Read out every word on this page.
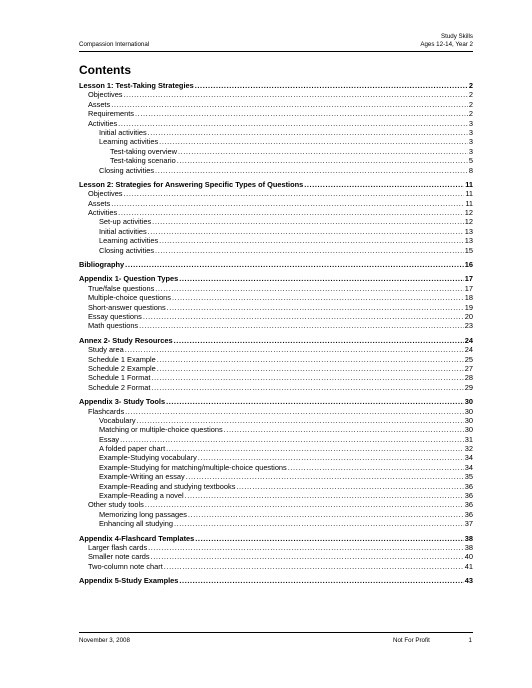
Compassion International
Study Skills
Ages 12-14, Year 2
Contents
Lesson 1: Test-Taking Strategies .....	2
Objectives .....	2
Assets .....	2
Requirements .....	2
Activities .....	3
Initial activities .....	3
Learning activities .....	3
Test-taking overview .....	3
Test-taking scenario .....	5
Closing activities .....	8
Lesson 2: Strategies for Answering Specific Types of Questions .....	11
Objectives .....	11
Assets .....	11
Activities .....	12
Set-up activities .....	12
Initial activities .....	13
Learning activities .....	13
Closing activities .....	15
Bibliography .....	16
Appendix 1- Question Types .....	17
True/false questions .....	17
Multiple-choice questions .....	18
Short-answer questions .....	19
Essay questions .....	20
Math questions .....	23
Annex 2- Study Resources .....	24
Study area .....	24
Schedule 1 Example .....	25
Schedule 2 Example .....	27
Schedule 1 Format .....	28
Schedule 2 Format .....	29
Appendix 3- Study Tools .....	30
Flashcards .....	30
Vocabulary .....	30
Matching or multiple-choice questions .....	30
Essay .....	31
A folded paper chart .....	32
Example-Studying vocabulary .....	34
Example-Studying for matching/multiple-choice questions .....	34
Example-Writing an essay .....	35
Example-Reading and studying textbooks .....	36
Example-Reading a novel .....	36
Other study tools .....	36
Memorizing long passages .....	36
Enhancing all studying .....	37
Appendix 4-Flashcard Templates .....	38
Larger flash cards .....	38
Smaller note cards .....	40
Two-column note chart .....	41
Appendix 5-Study Examples .....	43
November 3, 2008	Not For Profit	1
